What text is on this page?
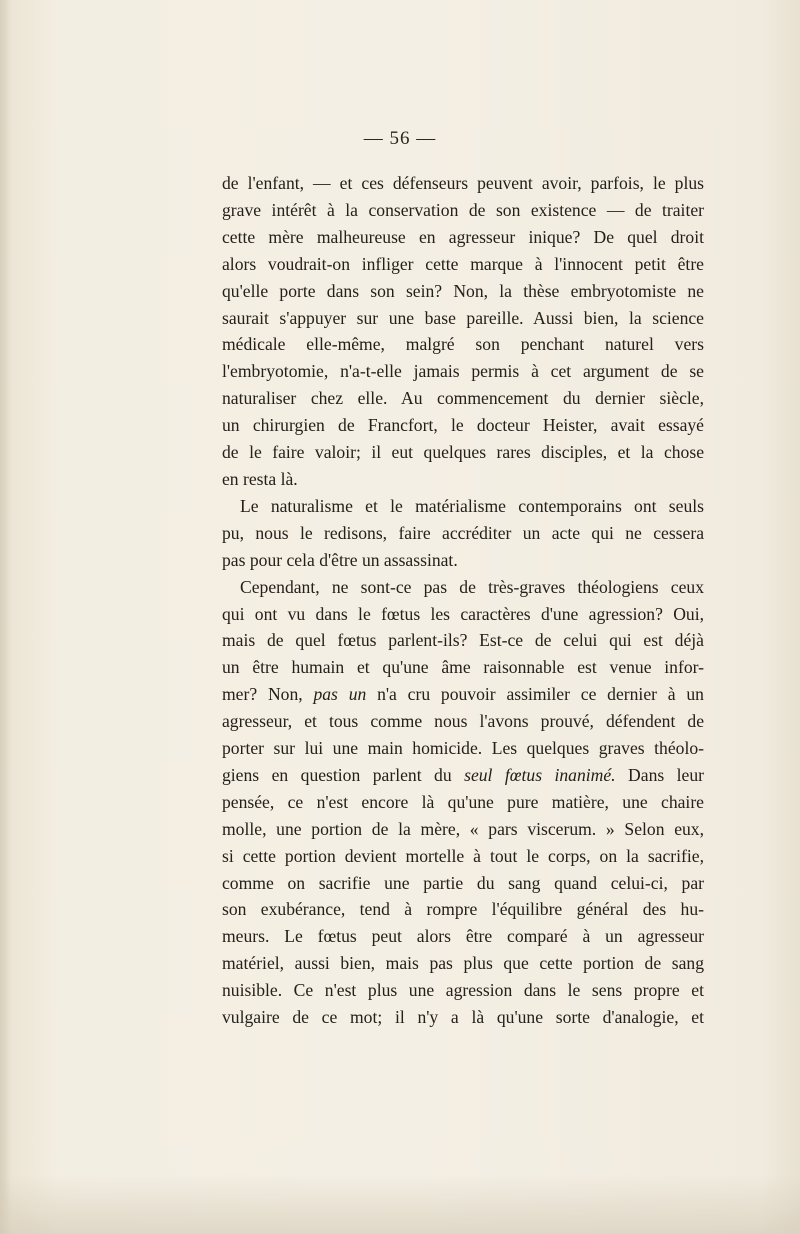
— 56 —
de l'enfant, — et ces défenseurs peuvent avoir, parfois, le plus
grave intérêt à la conservation de son existence — de traiter
cette mère malheureuse en agresseur inique? De quel droit
alors voudrait-on infliger cette marque à l'innocent petit être
qu'elle porte dans son sein? Non, la thèse embryotomiste ne
saurait s'appuyer sur une base pareille. Aussi bien, la science
médicale elle-même, malgré son penchant naturel vers
l'embryotomie, n'a-t-elle jamais permis à cet argument de se
naturaliser chez elle. Au commencement du dernier siècle,
un chirurgien de Francfort, le docteur Heister, avait essayé
de le faire valoir; il eut quelques rares disciples, et la chose
en resta là.
Le naturalisme et le matérialisme contemporains ont seuls
pu, nous le redisons, faire accréditer un acte qui ne cessera
pas pour cela d'être un assassinat.
Cependant, ne sont-ce pas de très-graves théologiens ceux
qui ont vu dans le fœtus les caractères d'une agression? Oui,
mais de quel fœtus parlent-ils? Est-ce de celui qui est déjà
un être humain et qu'une âme raisonnable est venue infor-
mer? Non, pas un n'a cru pouvoir assimiler ce dernier à un
agresseur, et tous comme nous l'avons prouvé, défendent de
porter sur lui une main homicide. Les quelques graves théolo-
giens en question parlent du seul fœtus inanimé. Dans leur
pensée, ce n'est encore là qu'une pure matière, une chaire
molle, une portion de la mère, « pars viscerum. » Selon eux,
si cette portion devient mortelle à tout le corps, on la sacrifie,
comme on sacrifie une partie du sang quand celui-ci, par
son exubérance, tend à rompre l'équilibre général des hu-
meurs. Le fœtus peut alors être comparé à un agresseur
matériel, aussi bien, mais pas plus que cette portion de sang
nuisible. Ce n'est plus une agression dans le sens propre et
vulgaire de ce mot; il n'y a là qu'une sorte d'analogie, et
